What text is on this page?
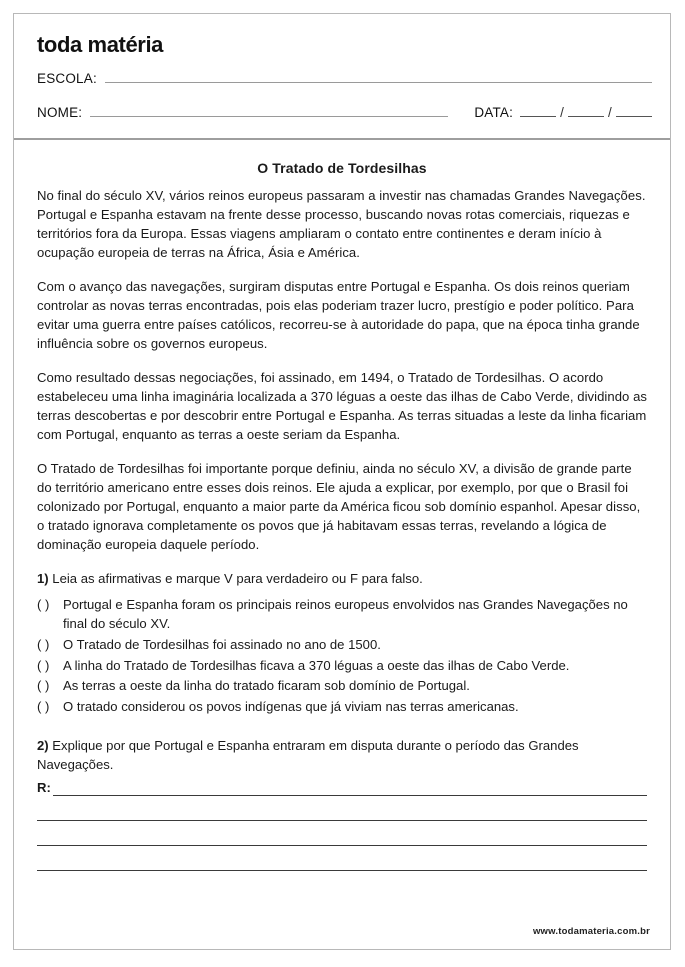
toda matéria
ESCOLA:
NOME:	DATA:	/	/
O Tratado de Tordesilhas

No final do século XV, vários reinos europeus passaram a investir nas chamadas Grandes Navegações. Portugal e Espanha estavam na frente desse processo, buscando novas rotas comerciais, riquezas e territórios fora da Europa. Essas viagens ampliaram o contato entre continentes e deram início à ocupação europeia de terras na África, Ásia e América.

Com o avanço das navegações, surgiram disputas entre Portugal e Espanha. Os dois reinos queriam controlar as novas terras encontradas, pois elas poderiam trazer lucro, prestígio e poder político. Para evitar uma guerra entre países católicos, recorreu-se à autoridade do papa, que na época tinha grande influência sobre os governos europeus.

Como resultado dessas negociações, foi assinado, em 1494, o Tratado de Tordesilhas. O acordo estabeleceu uma linha imaginária localizada a 370 léguas a oeste das ilhas de Cabo Verde, dividindo as terras descobertas e por descobrir entre Portugal e Espanha. As terras situadas a leste da linha ficariam com Portugal, enquanto as terras a oeste seriam da Espanha.

O Tratado de Tordesilhas foi importante porque definiu, ainda no século XV, a divisão de grande parte do território americano entre esses dois reinos. Ele ajuda a explicar, por exemplo, por que o Brasil foi colonizado por Portugal, enquanto a maior parte da América ficou sob domínio espanhol. Apesar disso, o tratado ignorava completamente os povos que já habitavam essas terras, revelando a lógica de dominação europeia daquele período.

1) Leia as afirmativas e marque V para verdadeiro ou F para falso.
( ) Portugal e Espanha foram os principais reinos europeus envolvidos nas Grandes Navegações no final do século XV.
( ) O Tratado de Tordesilhas foi assinado no ano de 1500.
( ) A linha do Tratado de Tordesilhas ficava a 370 léguas a oeste das ilhas de Cabo Verde.
( ) As terras a oeste da linha do tratado ficaram sob domínio de Portugal.
( ) O tratado considerou os povos indígenas que já viviam nas terras americanas.
2) Explique por que Portugal e Espanha entraram em disputa durante o período das Grandes Navegações.
R:
www.todamateria.com.br
